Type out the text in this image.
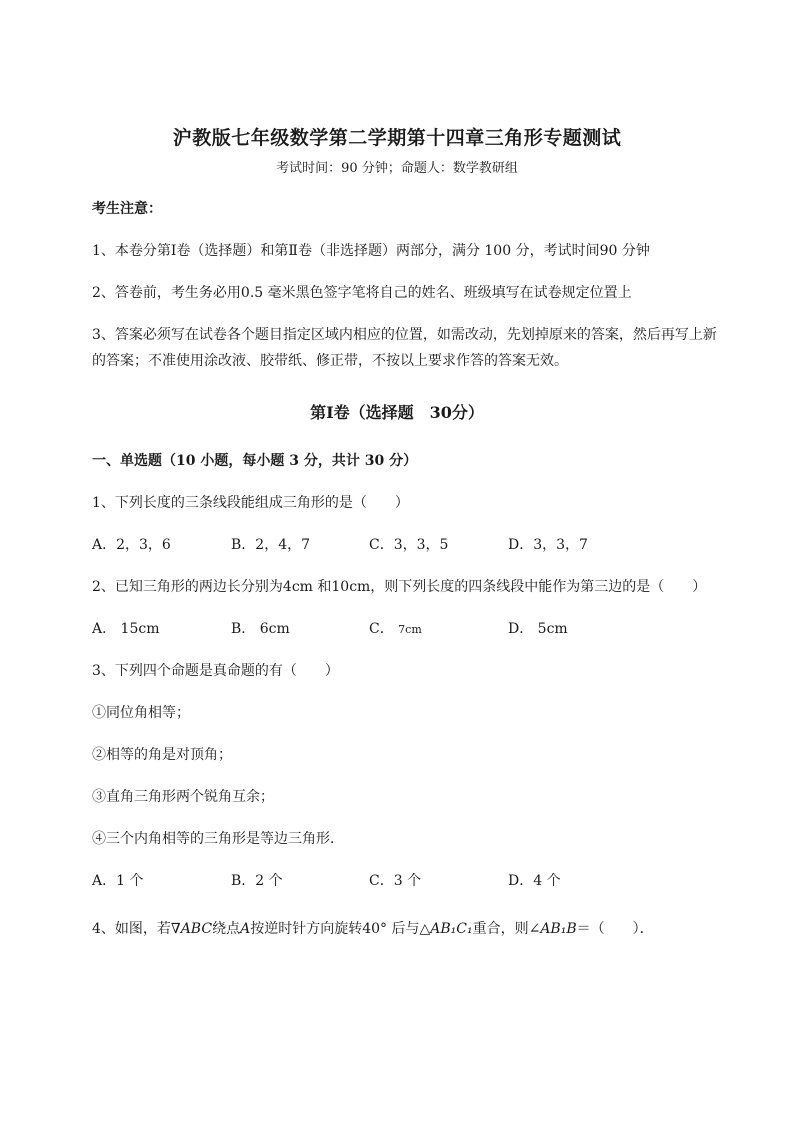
沪教版七年级数学第二学期第十四章三角形专题测试
考试时间：90 分钟；命题人：数学教研组
考生注意：
1、本卷分第Ⅰ卷（选择题）和第Ⅱ卷（非选择题）两部分，满分 100 分，考试时间90 分钟
2、答卷前，考生务必用0.5 毫米黑色签字笔将自己的姓名、班级填写在试卷规定位置上
3、答案必须写在试卷各个题目指定区域内相应的位置，如需改动，先划掉原来的答案，然后再写上新
的答案；不准使用涂改液、胶带纸、修正带，不按以上要求作答的答案无效。
第Ⅰ卷（选择题　30分）
一、单选题（10 小题，每小题 3 分，共计 30 分）
1、下列长度的三条线段能组成三角形的是（　　）
A．2，3，6	B．2，4，7	C．3，3，5	D．3，3，7
2、已知三角形的两边长分别为4cm 和10cm，则下列长度的四条线段中能作为第三边的是（　　）
A． 15cm	B． 6cm	C． 7cm	D． 5cm
3、下列四个命题是真命题的有（　　）
①同位角相等；
②相等的角是对顶角；
③直角三角形两个锐角互余；
④三个内角相等的三角形是等边三角形．
A．1 个	B．2 个	C．3 个	D．4 个
4、如图，若∇ABC绕点A按逆时针方向旋转40° 后与△AB₁C₁重合，则∠AB₁B＝（　　）．
